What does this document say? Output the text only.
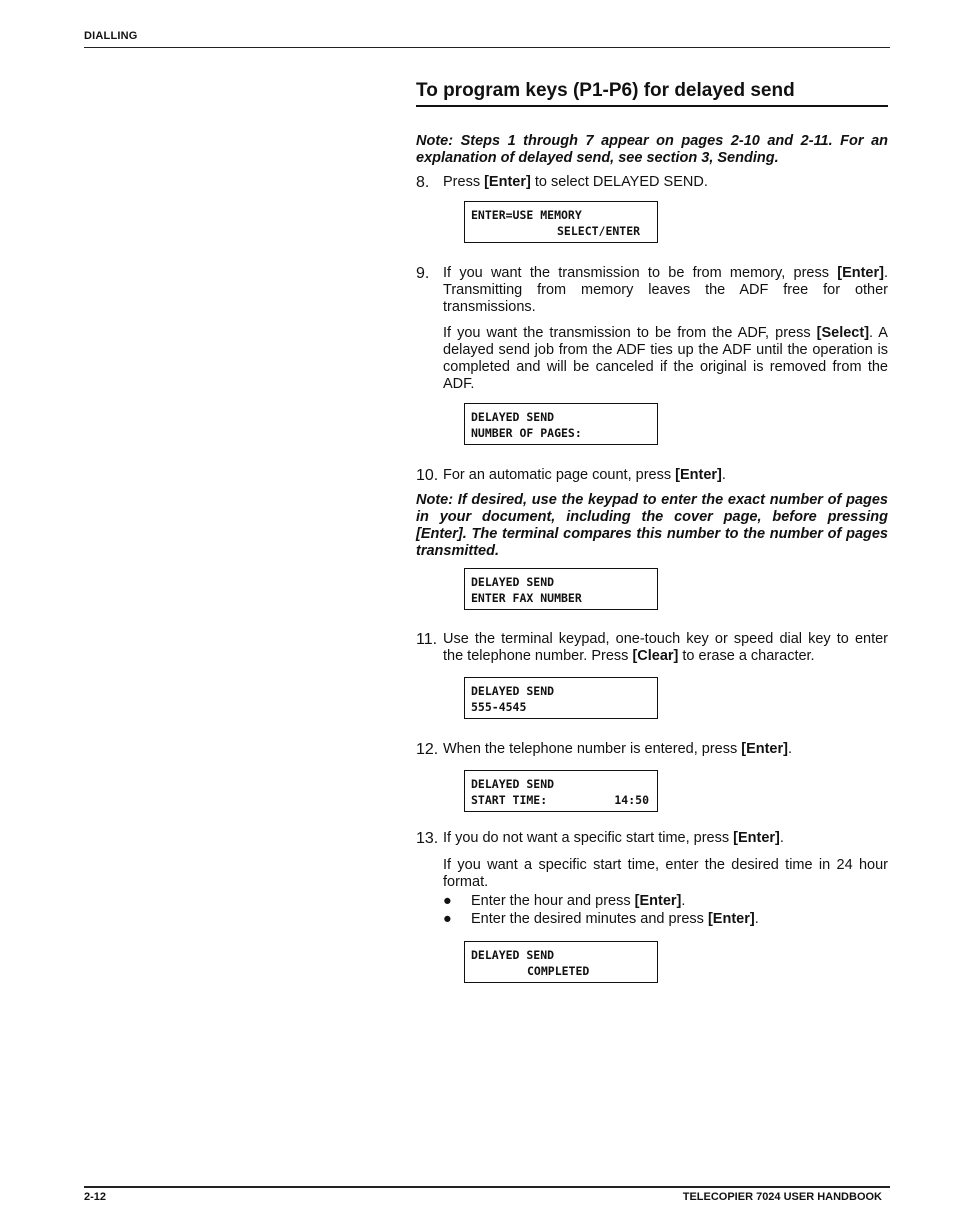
DIALLING
To program keys (P1-P6) for delayed send

Note: Steps 1 through 7 appear on pages 2-10 and 2-11. For an explanation of delayed send, see section 3, Sending.

8. Press [Enter] to select DELAYED SEND.

ENTER=USE MEMORY
SELECT/ENTER
9. If you want the transmission to be from memory, press [Enter]. Transmitting from memory leaves the ADF free for other transmissions.

If you want the transmission to be from the ADF, press [Select]. A delayed send job from the ADF ties up the ADF until the operation is completed and will be canceled if the original is removed from the ADF.

DELAYED SEND
NUMBER OF PAGES:
10. For an automatic page count, press [Enter].

Note: If desired, use the keypad to enter the exact number of pages in your document, including the cover page, before pressing [Enter]. The terminal compares this number to the number of pages transmitted.

DELAYED SEND
ENTER FAX NUMBER
11. Use the terminal keypad, one-touch key or speed dial key to enter the telephone number. Press [Clear] to erase a character.

DELAYED SEND
555-4545
12. When the telephone number is entered, press [Enter].

DELAYED SEND
START TIME:	14:50
13. If you do not want a specific start time, press [Enter].

If you want a specific start time, enter the desired time in 24 hour format.

●	Enter the hour and press [Enter].
●	Enter the desired minutes and press [Enter].
DELAYED SEND
COMPLETED
2-12	TELECOPIER 7024 USER HANDBOOK
